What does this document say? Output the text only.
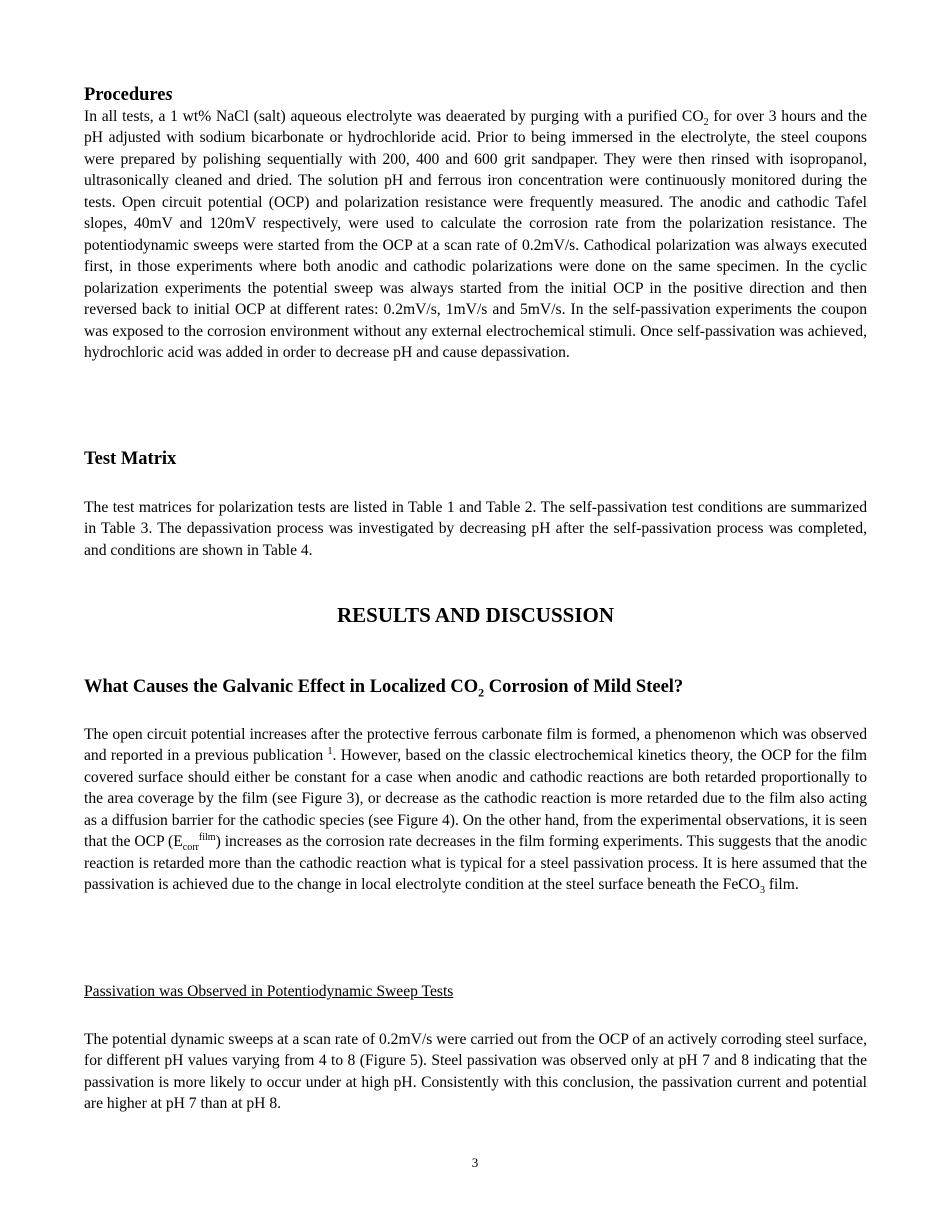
Procedures
In all tests, a 1 wt% NaCl (salt) aqueous electrolyte was deaerated by purging with a purified $CO_2$ for over 3 hours and the pH adjusted with sodium bicarbonate or hydrochloride acid. Prior to being immersed in the electrolyte, the steel coupons were prepared by polishing sequentially with 200, 400 and 600 grit sandpaper. They were then rinsed with isopropanol, ultrasonically cleaned and dried. The solution pH and ferrous iron concentration were continuously monitored during the tests. Open circuit potential (OCP) and polarization resistance were frequently measured. The anodic and cathodic Tafel slopes, 40mV and 120mV respectively, were used to calculate the corrosion rate from the polarization resistance. The potentiodynamic sweeps were started from the OCP at a scan rate of 0.2mV/s. Cathodical polarization was always executed first, in those experiments where both anodic and cathodic polarizations were done on the same specimen. In the cyclic polarization experiments the potential sweep was always started from the initial OCP in the positive direction and then reversed back to initial OCP at different rates: 0.2mV/s, 1mV/s and 5mV/s. In the self-passivation experiments the coupon was exposed to the corrosion environment without any external electrochemical stimuli. Once self-passivation was achieved, hydrochloric acid was added in order to decrease pH and cause depassivation.
Test Matrix
The test matrices for polarization tests are listed in Table 1 and Table 2. The self-passivation test conditions are summarized in Table 3. The depassivation process was investigated by decreasing pH after the self-passivation process was completed, and conditions are shown in Table 4.
RESULTS AND DISCUSSION
What Causes the Galvanic Effect in Localized $CO_2$ Corrosion of Mild Steel?
The open circuit potential increases after the protective ferrous carbonate film is formed, a phenomenon which was observed and reported in a previous publication $^1$. However, based on the classic electrochemical kinetics theory, the OCP for the film covered surface should either be constant for a case when anodic and cathodic reactions are both retarded proportionally to the area coverage by the film (see Figure 3), or decrease as the cathodic reaction is more retarded due to the film also acting as a diffusion barrier for the cathodic species (see Figure 4). On the other hand, from the experimental observations, it is seen that the OCP $(E_{corr}^{film})$ increases as the corrosion rate decreases in the film forming experiments. This suggests that the anodic reaction is retarded more than the cathodic reaction what is typical for a steel passivation process. It is here assumed that the passivation is achieved due to the change in local electrolyte condition at the steel surface beneath the FeCO$_3$ film.
Passivation was Observed in Potentiodynamic Sweep Tests
The potential dynamic sweeps at a scan rate of 0.2mV/s were carried out from the OCP of an actively corroding steel surface, for different pH values varying from 4 to 8 (Figure 5). Steel passivation was observed only at pH 7 and 8 indicating that the passivation is more likely to occur under at high pH. Consistently with this conclusion, the passivation current and potential are higher at pH 7 than at pH 8.
3
